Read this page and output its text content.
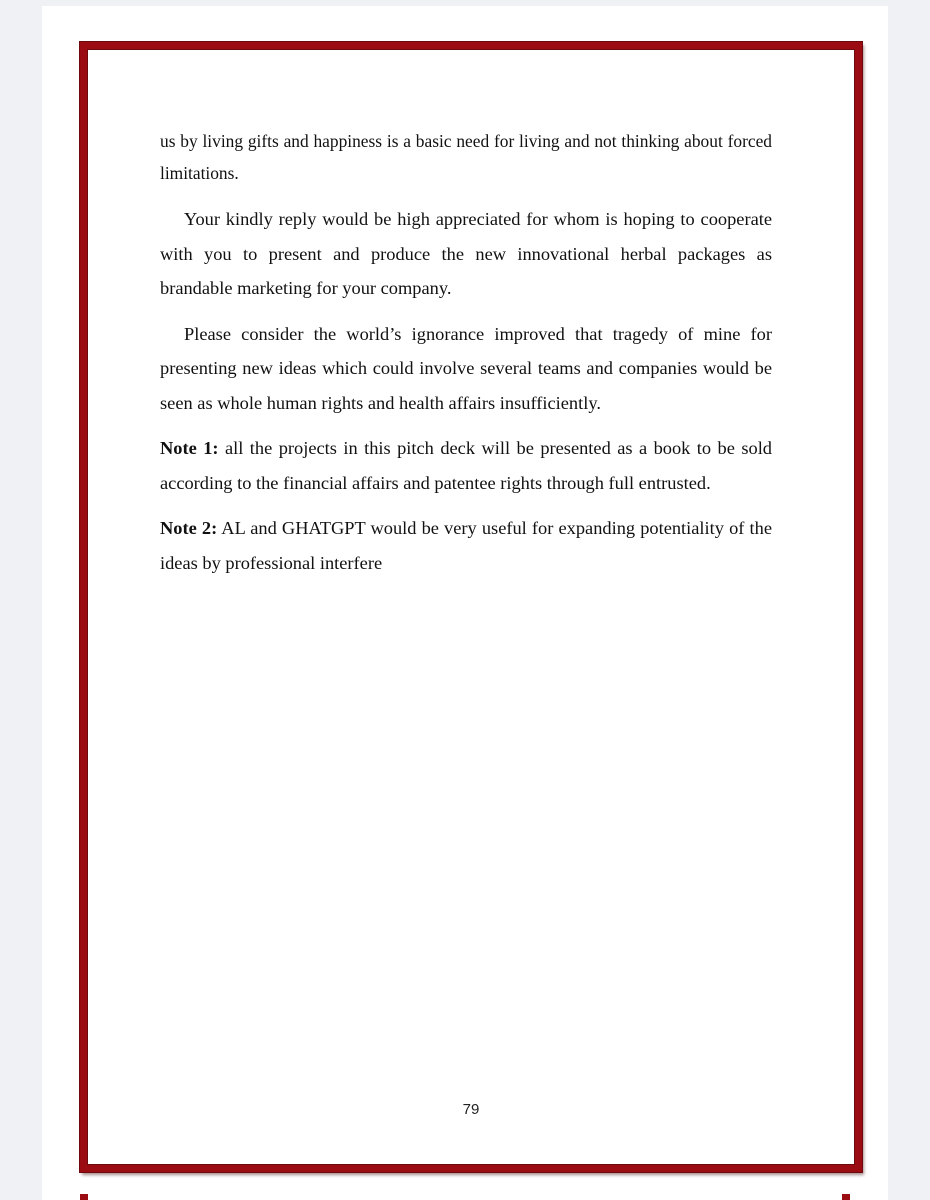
us by living gifts and happiness is a basic need for living and not thinking about forced limitations.

Your kindly reply would be high appreciated for whom is hoping to cooperate with you to present and produce the new innovational herbal packages as brandable marketing for your company.

Please consider the world’s ignorance improved that tragedy of mine for presenting new ideas which could involve several teams and companies would be seen as whole human rights and health affairs insufficiently.

Note 1: all the projects in this pitch deck will be presented as a book to be sold according to the financial affairs and patentee rights through full entrusted.

Note 2: AL and GHATGPT would be very useful for expanding potentiality of the ideas by professional interfere

79
